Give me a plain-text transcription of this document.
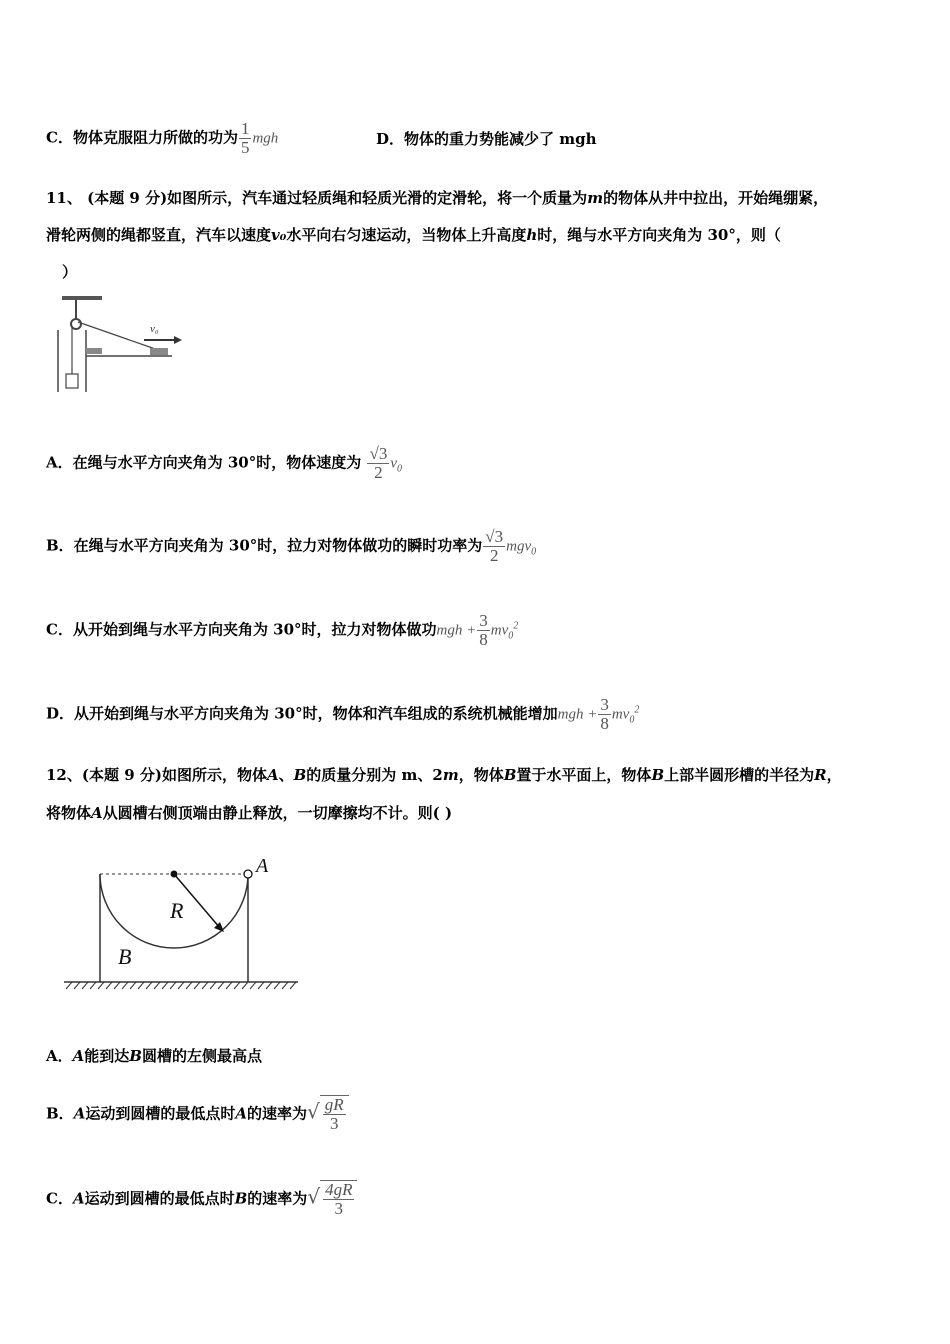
C．物体克服阻力所做的功为 $\frac{1}{5}$ mgh	D．物体的重力势能减少了 mgh
11、 (本题 9 分)如图所示，汽车通过轻质绳和轻质光滑的定滑轮，将一个质量为m的物体从井中拉出，开始绳绷紧，
滑轮两侧的绳都竖直，汽车以速度v₀水平向右匀速运动，当物体上升高度h时，绳与水平方向夹角为 30°，则（
）
v₀
A．在绳与水平方向夹角为 30°时，物体速度为 $\frac{√3}{2} v_0$
B．在绳与水平方向夹角为 30°时，拉力对物体做功的瞬时功率为 $\frac{√3}{2} mgv_0$
C．从开始到绳与水平方向夹角为 30°时，拉力对物体做功mgh + $\frac{3}{8} mv_0^2$
D．从开始到绳与水平方向夹角为 30°时，物体和汽车组成的系统机械能增加mgh + $\frac{3}{8} mv_0^2$
12、(本题 9 分)如图所示，物体A、B的质量分别为 m、2m，物体B置于水平面上，物体B上部半圆形槽的半径为R，
将物体A从圆槽右侧顶端由静止释放，一切摩擦均不计。则( )
A
R
B
A．A能到达B圆槽的左侧最高点
B．A运动到圆槽的最低点时A的速率为√ $\frac{gR}{3}$
C．A运动到圆槽的最低点时B的速率为√ $\frac{4gR}{3}$
